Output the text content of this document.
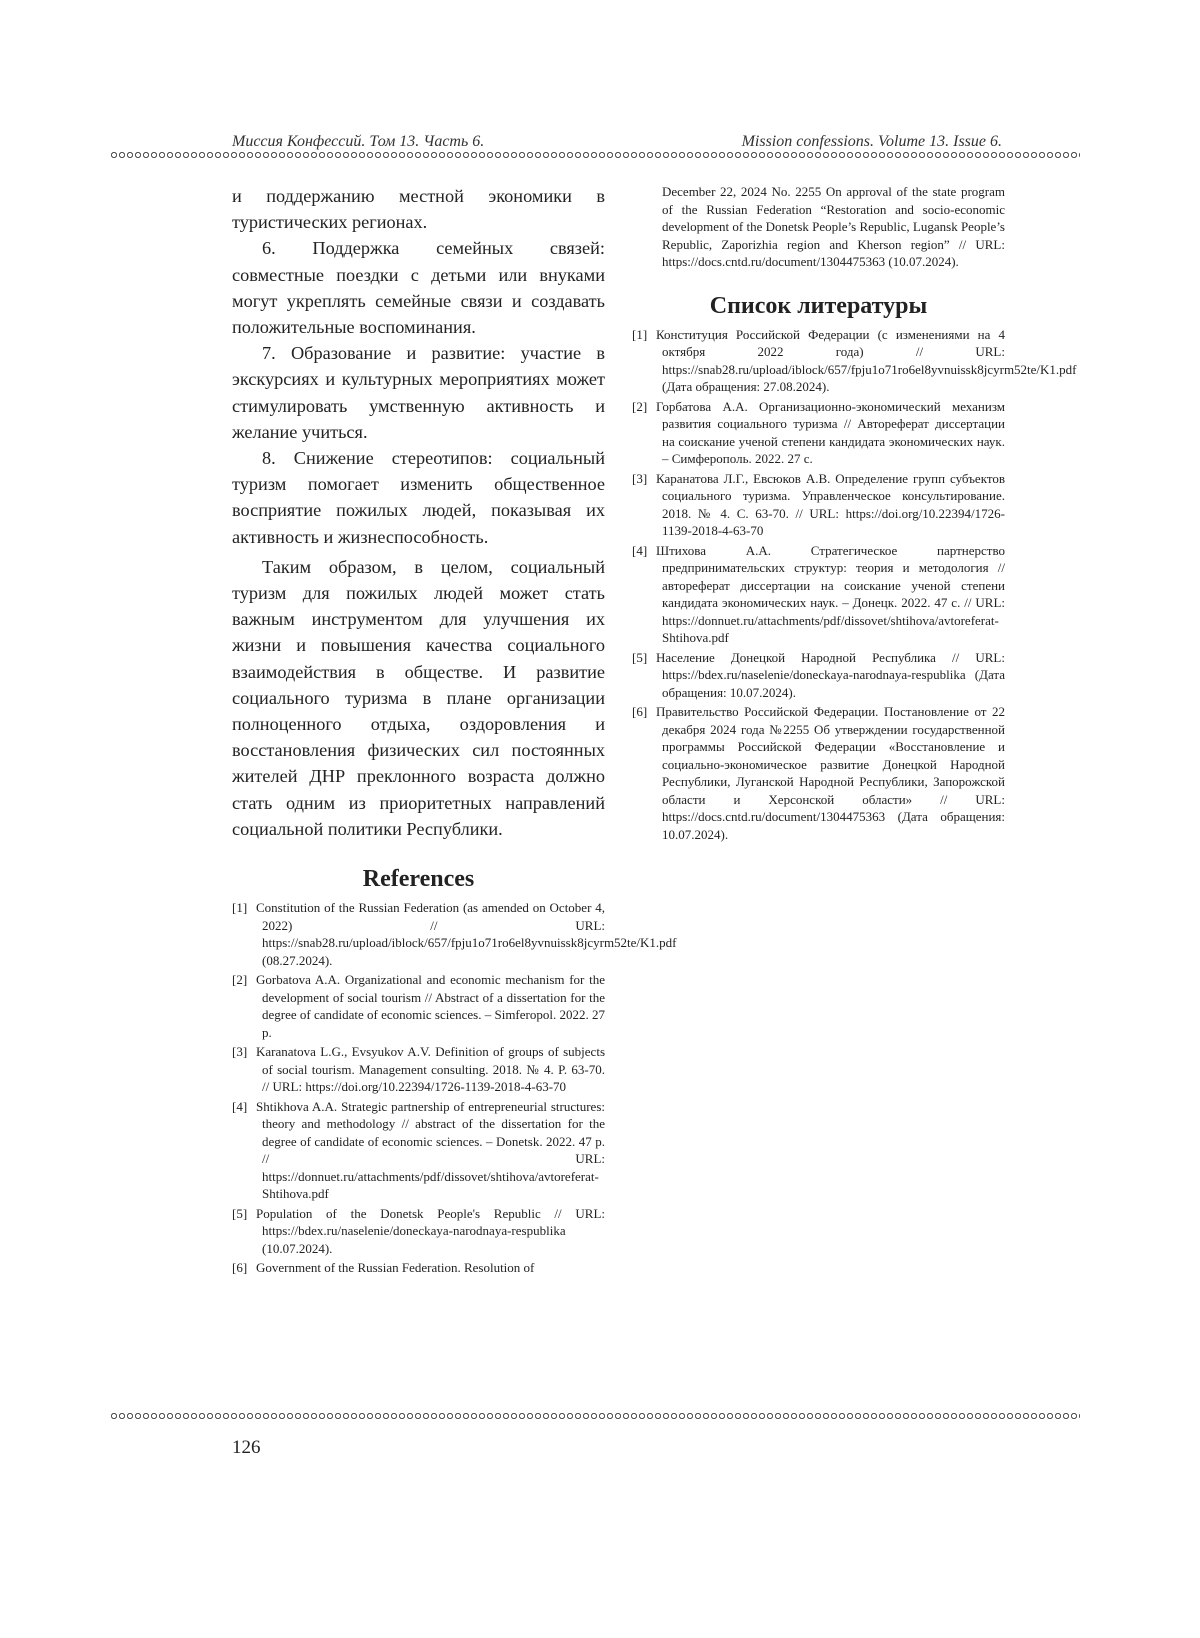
Миссия Конфессий. Том 13. Часть 6.	Mission confessions. Volume 13. Issue 6.

и поддержанию местной экономики в туристических регионах.

6. Поддержка семейных связей: совместные поездки с детьми или внуками могут укреплять семейные связи и создавать положительные воспоминания.

7. Образование и развитие: участие в экскурсиях и культурных мероприятиях может стимулировать умственную активность и желание учиться.

8. Снижение стереотипов: социальный туризм помогает изменить общественное восприятие пожилых людей, показывая их активность и жизнеспособность.

Таким образом, в целом, социальный туризм для пожилых людей может стать важным инструментом для улучшения их жизни и повышения качества социального взаимодействия в обществе. И развитие социального туризма в плане организации полноценного отдыха, оздоровления и восстановления физических сил постоянных жителей ДНР преклонного возраста должно стать одним из приоритетных направлений социальной политики Республики.

References

[1] Constitution of the Russian Federation (as amended on October 4, 2022) // URL: https://snab28.ru/upload/iblock/657/fpju1o71ro6el8yvnuissk8jcyrm52te/K1.pdf (08.27.2024).

[2] Gorbatova A.A. Organizational and economic mechanism for the development of social tourism // Abstract of a dissertation for the degree of candidate of economic sciences. – Simferopol. 2022. 27 p.

[3] Karanatova L.G., Evsyukov A.V. Definition of groups of subjects of social tourism. Management consulting. 2018. № 4. P. 63-70. // URL: https://doi.org/10.22394/1726-1139-2018-4-63-70

[4] Shtikhova A.A. Strategic partnership of entrepreneurial structures: theory and methodology // abstract of the dissertation for the degree of candidate of economic sciences. – Donetsk. 2022. 47 p. // URL: https://donnuet.ru/attachments/pdf/dissovet/shtihova/avtoreferat-Shtihova.pdf

[5] Population of the Donetsk People's Republic // URL: https://bdex.ru/naselenie/doneckaya-narodnaya-respublika (10.07.2024).

[6] Government of the Russian Federation. Resolution of

December 22, 2024 No. 2255 On approval of the state program of the Russian Federation “Restoration and socio-economic development of the Donetsk People’s Republic, Lugansk People’s Republic, Zaporizhia region and Kherson region” // URL: https://docs.cntd.ru/document/1304475363 (10.07.2024).

Список литературы

[1] Конституция Российской Федерации (с изменениями на 4 октября 2022 года) // URL: https://snab28.ru/upload/iblock/657/fpju1o71ro6el8yvnuissk8jcyrm52te/K1.pdf (Дата обращения: 27.08.2024).

[2] Горбатова А.А. Организационно-экономический механизм развития социального туризма // Автореферат диссертации на соискание ученой степени кандидата экономических наук. – Симферополь. 2022. 27 с.

[3] Каранатова Л.Г., Евсюков А.В. Определение групп субъектов социального туризма. Управленческое консультирование. 2018. № 4. С. 63-70. // URL: https://doi.org/10.22394/1726-1139-2018-4-63-70

[4] Штихова А.А. Стратегическое партнерство предпринимательских структур: теория и методология // автореферат диссертации на соискание ученой степени кандидата экономических наук. – Донецк. 2022. 47 с. // URL: https://donnuet.ru/attachments/pdf/dissovet/shtihova/avtoreferat-Shtihova.pdf

[5] Население Донецкой Народной Республика // URL: https://bdex.ru/naselenie/doneckaya-narodnaya-respublika (Дата обращения: 10.07.2024).

[6] Правительство Российской Федерации. Постановление от 22 декабря 2024 года №2255 Об утверждении государственной программы Российской Федерации «Восстановление и социально-экономическое развитие Донецкой Народной Республики, Луганской Народной Республики, Запорожской области и Херсонской области» // URL: https://docs.cntd.ru/document/1304475363 (Дата обращения: 10.07.2024).

126
